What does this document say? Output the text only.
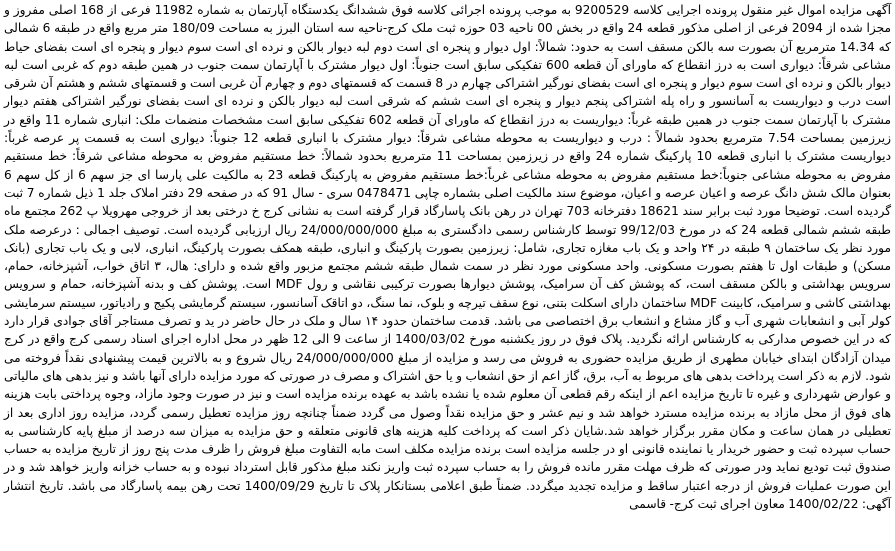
آگهی مزایده اموال غیر منقول پرونده اجرایی کلاسه 9200529 به موجب پرونده اجرائی کلاسه فوق ششدانگ یکدستگاه آپارتمان به شماره 11982 فرعی از 168 اصلی مفروز و مجزا شده از 2094 فرعی از اصلی مذکور قطعه 24 واقع در بخش 00 ناحیه 03 حوزه ثبت ملک کرج-ناحیه سه استان البرز به مساحت 180/09 متر مربع واقع در طبقه 6 شمالی که 14.34 مترمربع آن بصورت سه بالکن مسقف است به حدود: شمالاً: اول دیوار و پنجره ای است دوم لبه دیوار بالکن و نرده ای است سوم دیوار و پنجره ای است بفضای حیاط مشاعی شرقاً: دیواری است به درز انقطاع که ماورای آن قطعه 600 تفکیکی سابق است جنوباً: اول دیوار مشترک با آپارتمان سمت جنوب در همین طبقه دوم که غربی است لبه دیوار بالکن و نرده ای است سوم دیوار و پنجره ای است بفضای نورگیر اشتراکی چهارم در 8 قسمت که قسمتهای دوم و چهارم آن غربی است و قسمتهای ششم و هشتم آن شرقی است درب و دیواریست به آسانسور و راه پله اشتراکی پنجم دیوار و پنجره ای است ششم که شرقی است لبه دیوار بالکن و نرده ای است بفضای نورگیر اشتراکی هفتم دیوار مشترک با آپارتمان سمت جنوب در همین طبقه غرباً: دیواریست به درز انقطاع که ماورای آن قطعه 602 تفکیکی سابق است مشخصات منضمات ملک: انباری شماره 11 واقع در زیرزمین بمساحت 7.54 مترمربع بحدود شمالاً : درب و دیواریست به محوطه مشاعی شرقاً: دیوار مشترک با انباری قطعه 12 جنوباً: دیواری است به قسمت پر عرصه غرباً: دیواریست مشترک با انباری قطعه 10 پارکینگ شماره 24 واقع در زیرزمین بمساحت 11 مترمربع بحدود شمالاً: خط مستقیم مفروض به محوطه مشاعی شرقاً: خط مستقیم مفروض به محوطه مشاعی جنوباً:خط مستقیم مفروض به محوطه مشاعی غرباً:خط مستقیم مفروض به پارکینگ قطعه 23 به مالکیت علی پارسا ای جز سهم 6 از کل سهم 6 بعنوان مالک شش دانگ عرصه و اعیان عرصه و اعیان، موضوع سند مالکیت اصلی بشماره چاپی 0478471 سری - سال 91 که در صفحه 29 دفتر املاک جلد 1 ذیل شماره 7 ثبت گردیده است. توضیحا مورد ثبت برابر سند 18621 دفترخانه 703 تهران در رهن بانک پاسارگاد قرار گرفته است به نشانی کرج خ درختی بعد از خروجی مهرویلا پ 262 مجتمع ماه طبقه ششم شمالی قطعه 24 که در مورخ 99/12/03 توسط کارشناس رسمی دادگستری به مبلغ 24/000/000/000 ریال ارزیابی گردیده است. توصیف اجمالی : درعرصه ملک مورد نظر یک ساختمان ۹ طبقه در ۲۴ واحد و یک باب مغازه تجاری، شامل: زیرزمین بصورت پارکینگ و انباری، طبقه همکف بصورت پارکینگ، انباری، لابی و یک باب تجاری (بانک مسکن) و طبقات اول تا هفتم بصورت مسکونی. واحد مسکونی مورد نظر در سمت شمال طبقه ششم مجتمع مزبور واقع شده و دارای: هال، ۳ اتاق خواب، آشپزخانه، حمام، سرویس بهداشتی و بالکن مسقف است، که پوشش کف آن سرامیک، پوشش دیوارها بصورت ترکیبی نقاشی و رول MDF است. پوشش کف و بدنه آشپزخانه، حمام و سرویس بهداشتی کاشی و سرامیک، کابینت MDF ساختمان دارای اسکلت بتنی، نوع سقف تیرچه و بلوک، نما سنگ، دو اتاقک آسانسور، سیستم گرمایشی پکیج و رادیاتور، سیستم سرمایشی کولر آبی و انشعابات شهری آب و گاز مشاع و انشعاب برق اختصاصی می باشد. قدمت ساختمان حدود ۱۴ سال و ملک در حال حاضر در ید و تصرف مستاجر آقای جوادی قرار دارد که در این خصوص مدارکی به کارشناس ارائه نگردید. پلاک فوق در روز یکشنبه مورخ 1400/03/02 از ساعت 9 الی 12 ظهر در محل اداره اجرای اسناد رسمی کرج واقع در کرج میدان آزادگان ابتدای خیابان مطهری از طریق مزایده حضوری به فروش می رسد و مزایده از مبلغ 24/000/000/000 ریال شروع و به بالاترین قیمت پیشنهادی نقداً فروخته می شود. لازم به ذکر است پرداخت بدهی های مربوط به آب، برق، گاز اعم از حق انشعاب و یا حق اشتراک و مصرف در صورتی که مورد مزایده دارای آنها باشد و نیز بدهی های مالیاتی و عوارض شهرداری و غیره تا تاریخ مزایده اعم از اینکه رقم قطعی آن معلوم شده یا نشده باشد به عهده برنده مزایده است و نیز در صورت وجود مازاد، وجوه پرداختی بابت هزینه های فوق از محل مازاد به برنده مزایده مسترد خواهد شد و نیم عشر و حق مزایده نقداً وصول می گردد ضمناً چنانچه روز مزایده تعطیل رسمی گردد، مزایده روز اداری بعد از تعطیلی در همان ساعت و مکان مقرر برگزار خواهد شد.شایان ذکر است که پرداخت کلیه هزینه های قانونی متعلقه و حق مزایده به میزان سه درصد از مبلغ پایه کارشناسی به حساب سپرده ثبت و حضور خریدار یا نماینده قانونی او در جلسه مزایده است برنده مزایده مکلف است مابه التفاوت مبلغ فروش را ظرف مدت پنج روز از تاریخ مزایده به حساب صندوق ثبت تودیع نماید ودر صورتی که ظرف مهلت مقرر مانده فروش را به حساب سپرده ثبت واریز نکند مبلغ مذکور قابل استرداد نبوده و به حساب خزانه واریز خواهد شد و در این صورت عملیات فروش از درجه اعتبار ساقط و مزایده تجدید میگردد. ضمناً طبق اعلامی بستانکار پلاک تا تاریخ 1400/09/29 تحت رهن بیمه پاسارگاد می باشد. تاریخ انتشار آگهی: 1400/02/22 معاون اجرای ثبت کرج- قاسمی
